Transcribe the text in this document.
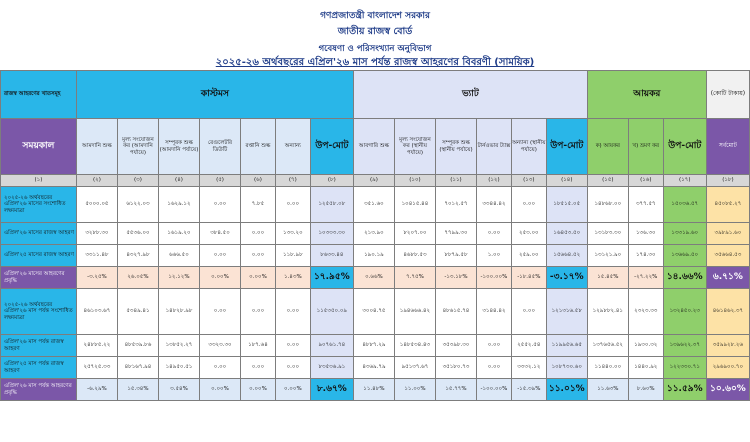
গণপ্রজাতন্ত্রী বাংলাদেশ সরকার
জাতীয় রাজস্ব বোর্ড
গবেষণা ও পরিসংখ্যান অনুবিভাগ
২০২৫-২৬ অর্থবছরের এপ্রিল'২৬ মাস পর্যন্ত রাজস্ব আহরণের বিবরণী (সাময়িক)
রাজস্ব আহরণের খাতসমূহ	কাস্টমস							ভ্যাট						আয়কর			(কোটি টাকায়)
সময়কাল	আমদানি শুল্ক	মূল্য সংযোজন কর (আমদানি পর্যায়ে)	সম্পূরক শুল্ক (আমদানি পর্যায়ে)	রেগুলেটরি ডিউটি	রপ্তানি শুল্ক	অন্যান্য	উপ-মোট	আবগারি শুল্ক	মূল্য সংযোজন কর (স্থানীয় পর্যায়ে)	সম্পূরক শুল্ক (স্থানীয় পর্যায়ে)	টার্নওভার ট্যাক্স	অন্যান্য (স্থানীয় পর্যায়ে)	উপ-মোট	ক) আয়কর	খ) ভ্রমণ কর	উপ-মোট	সর্বমোট
(১)	(২)	(৩)	(৪)	(৫)	(৬)	(৭)	(৮)	(৯)	(১০)	(১১)	(১২)	(১৩)	(১৪)	(১৫)	(১৬)	(১৭)	(১৮)
২০২৫-২৬ অর্থবছরের এপ্রিল'২৬ মাসের সংশোধিত লক্ষ্যমাত্রা	৫০০০.০৫	৬১২২.০৩	১৬২৯.১২	০.০০	৭.৮৫	০.০০	১২৫৫৮.০৮	৩৫১.৬০	১০৪১৫.৪৪	৭০১২.৫৭	৩৩৪৪.৪২	০.০০	১৮৫১৫.০৫	১৪৮৬৮.০০	৩৭৭.৫৭	১৫০৩৬.৫৭	৪৫০৮৫.২৭
এপ্রিল'২৬ মাসের রাজস্ব আহরণ	৩২৮৮.৩০	৫৫৩৬.০০	১৬১৯.২০	৩৮৪.৫০	০.০০	১৩৩.২০	১০৩৩৩.৩০	২১৩.৯০	৮২০৭.০০	৭৭৯৯.৩০	০.০০	২৫৩.০০	১৬৪৫৩.৫০	১৩১৮৩.৩০	১৩৬.৩০	১৩৩১৯.৬০	৩৯৮৯১.৬০
এপ্রিল'২৫ মাসের রাজস্ব আহরণ	৩৩১১.৪৮	৪৩২৭.৯৮	৬৬৬.৫০	০.০০	০.০০	১১৮.৯৮	৮৬৩৩.৪৪	১৯০.১৯	৪৬৮৮.৫৩	৮৮৭৯.৫৮	১.০০	২৫৯.০০	১৫৬৬৪.৫২	১৩১২১.৯০	১৭৪.৩০	১৩৬৬৯.৫০	৩৫৬৬৪.৫৩
এপ্রিল'২৬ মাসের আহরণের প্রবৃদ্ধি	-৩.২৫%	২৬.০৫%	১২.১২%	০.০০%	০.০০%	১.৪৩%	১৭.৯৫%	০.৬৬%	৭.৭৫%	-১৩.১৮%	-১০০.০০%	-১৮.৪৫%	-৩.১৭%	১৫.৪৫%	-২৭.২২%	১৪.৬৬%	৬.৭১%
২০২৫-২৬ অর্থবছরের এপ্রিল'২৬ মাস পর্যন্ত সংশোধিত লক্ষ্যমাত্রা	৪৬১০৩.৬৭	৫৩৪৯.৪১	১৪৮২৮.৯৮	০.০০	০.০০	০.০০	১১৫৩৫০.০৯	৩০০৪.৭৫	১৯৪৬৬৬.৪২	৪৮৬১৫.৭৪	৩১৪৪.৪২	০.০০	১২১৩১৬.৫৮	১২৯৮৮২.৪১	২৩২৩.৩৩	১৩২৪৫০.২৩	৪৬১৪৬২.৩৭
এপ্রিল'২৬ মাস পর্যন্ত রাজস্ব আহরণ	২৪৮৮৫.২২	৪৮৫৩৯.৮৬	১৩৮৫২.২৭	৩৩২৩.৩০	১৮৭.৬৪	০.০০	৯০৭৬১.৭৪	৪৮৮৭.২৯	১৪৮৫৩৪.৪৩	৩৫৩৯৮.৩০	০.০০	২৫৫২.৫৪	১১৯৯৫৬.৬৫	১৩৭৬৫৬.৫২	১৯৩০.৩২	১৩৯৬২২.৩৭	৩৫৯৯২৮.২৬
এপ্রিল'২৫ মাস পর্যন্ত রাজস্ব আহরণ	২৫৭২৫.৩৩	৪৮১৬৭.৯৪	১৪৯৫০.৫১	০.০০	০.০০	০.০০	৮৩৫৩৬.৯১	৪৩৬৯.৭৯	৯৫১৩৭.৬৭	৩৫১৮০.৭৩	০.০০	৩৩৩২.১২	১০৮৭৩০.৬০	১১৪৪০.০০	১৪৪০.৯২	১২২৩৩০.৭১	২৯৬৯০০.৭০
এপ্রিল'২৬ মাস পর্যন্ত আহরণের প্রবৃদ্ধি	-৬.২৯%	১৫.৩৪%	৩.৫৪%	০.০০%	০.০০%	০.০০%	৮.৬৭%	১১.৪৮%	১১.০০%	১৫.৭৭%	-১০০.০০%	-১৫.৩৯%	১১.০১%	১১.৬৩%	৮.৬০%	১১.৫৯%	১০.৬০%
